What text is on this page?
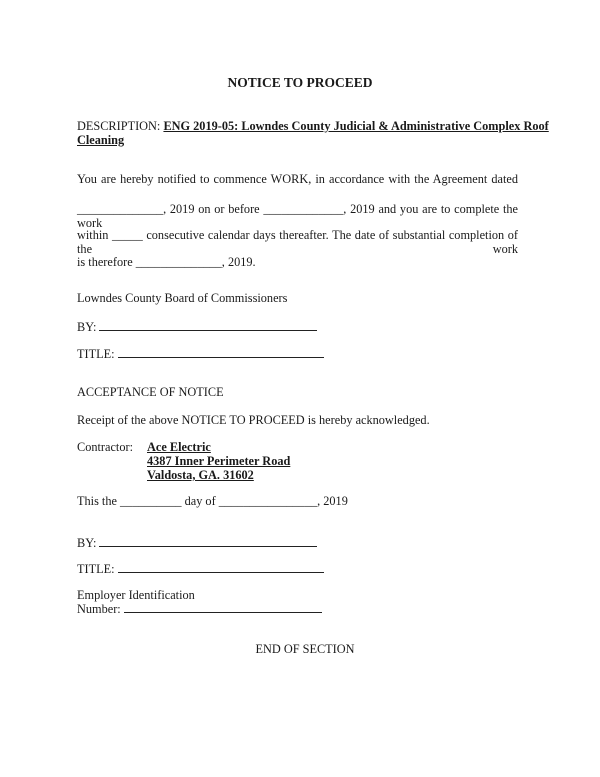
NOTICE TO PROCEED
DESCRIPTION: ENG 2019-05: Lowndes County Judicial & Administrative Complex Roof
Cleaning
You are hereby notified to commence WORK, in accordance with the Agreement dated
______________, 2019 on or before _____________, 2019 and you are to complete the work
within _____ consecutive calendar days thereafter. The date of substantial completion of the work
is therefore ______________, 2019.
Lowndes County Board of Commissioners
BY:
TITLE:
ACCEPTANCE OF NOTICE
Receipt of the above NOTICE TO PROCEED is hereby acknowledged.
Contractor: Ace Electric
4387 Inner Perimeter Road
Valdosta, GA. 31602
This the __________ day of ________________, 2019
BY:
TITLE:
Employer Identification
Number:
END OF SECTION
